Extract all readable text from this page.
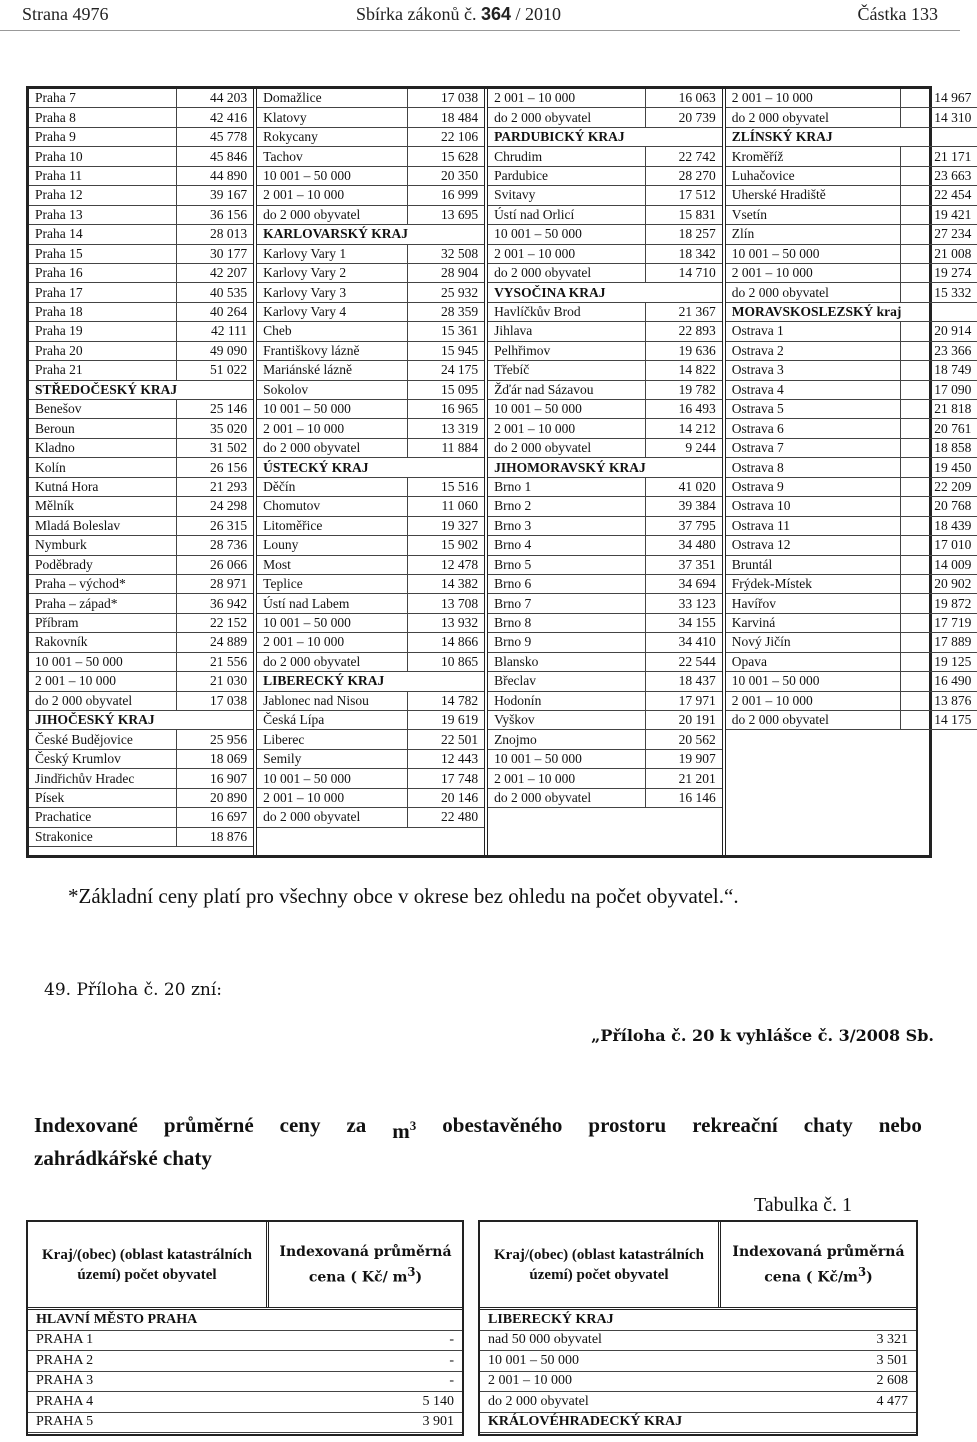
Strana 4976	Sbírka zákonů č. 364 / 2010	Částka 133
Praha 7	44 203
Praha 8	42 416
Praha 9	45 778
Praha 10	45 846
Praha 11	44 890
Praha 12	39 167
Praha 13	36 156
Praha 14	28 013
Praha 15	30 177
Praha 16	42 207
Praha 17	40 535
Praha 18	40 264
Praha 19	42 111
Praha 20	49 090
Praha 21	51 022
STŘEDOČESKÝ KRAJ
Benešov	25 146
Beroun	35 020
Kladno	31 502
Kolín	26 156
Kutná Hora	21 293
Mělník	24 298
Mladá Boleslav	26 315
Nymburk	28 736
Poděbrady	26 066
Praha – východ*	28 971
Praha – západ*	36 942
Příbram	22 152
Rakovník	24 889
10 001 – 50 000	21 556
2 001 – 10 000	21 030
do 2 000 obyvatel	17 038
JIHOČESKÝ KRAJ
České Budějovice	25 956
Český Krumlov	18 069
Jindřichův Hradec	16 907
Písek	20 890
Prachatice	16 697
Strakonice	18 876
Domažlice	17 038
Klatovy	18 484
Rokycany	22 106
Tachov	15 628
10 001 – 50 000	20 350
2 001 – 10 000	16 999
do 2 000 obyvatel	13 695
KARLOVARSKÝ KRAJ
Karlovy Vary 1	32 508
Karlovy Vary 2	28 904
Karlovy Vary 3	25 932
Karlovy Vary 4	28 359
Cheb	15 361
Františkovy lázně	15 945
Mariánské lázně	24 175
Sokolov	15 095
10 001 – 50 000	16 965
2 001 – 10 000	13 319
do 2 000 obyvatel	11 884
ÚSTECKÝ KRAJ
Děčín	15 516
Chomutov	11 060
Litoměřice	19 327
Louny	15 902
Most	12 478
Teplice	14 382
Ústí nad Labem	13 708
10 001 – 50 000	13 932
2 001 – 10 000	14 866
do 2 000 obyvatel	10 865
LIBERECKÝ KRAJ
Jablonec nad Nisou	14 782
Česká Lípa	19 619
Liberec	22 501
Semily	12 443
10 001 – 50 000	17 748
2 001 – 10 000	20 146
do 2 000 obyvatel	22 480
2 001 – 10 000	16 063
do 2 000 obyvatel	20 739
PARDUBICKÝ KRAJ
Chrudim	22 742
Pardubice	28 270
Svitavy	17 512
Ústí nad Orlicí	15 831
10 001 – 50 000	18 257
2 001 – 10 000	18 342
do 2 000 obyvatel	14 710
VYSOČINA KRAJ
Havlíčkův Brod	21 367
Jihlava	22 893
Pelhřimov	19 636
Třebíč	14 822
Žďár nad Sázavou	19 782
10 001 – 50 000	16 493
2 001 – 10 000	14 212
do 2 000 obyvatel	9 244
JIHOMORAVSKÝ KRAJ
Brno 1	41 020
Brno 2	39 384
Brno 3	37 795
Brno 4	34 480
Brno 5	37 351
Brno 6	34 694
Brno 7	33 123
Brno 8	34 155
Brno 9	34 410
Blansko	22 544
Břeclav	18 437
Hodonín	17 971
Vyškov	20 191
Znojmo	20 562
10 001 – 50 000	19 907
2 001 – 10 000	21 201
do 2 000 obyvatel	16 146
2 001 – 10 000	14 967
do 2 000 obyvatel	14 310
ZLÍNSKÝ KRAJ
Kroměříž	21 171
Luhačovice	23 663
Uherské Hradiště	22 454
Vsetín	19 421
Zlín	27 234
10 001 – 50 000	21 008
2 001 – 10 000	19 274
do 2 000 obyvatel	15 332
MORAVSKOSLEZSKÝ kraj
Ostrava 1	20 914
Ostrava 2	23 366
Ostrava 3	18 749
Ostrava 4	17 090
Ostrava 5	21 818
Ostrava 6	20 761
Ostrava 7	18 858
Ostrava 8	19 450
Ostrava 9	22 209
Ostrava 10	20 768
Ostrava 11	18 439
Ostrava 12	17 010
Bruntál	14 009
Frýdek-Místek	20 902
Havířov	19 872
Karviná	17 719
Nový Jičín	17 889
Opava	19 125
10 001 – 50 000	16 490
2 001 – 10 000	13 876
do 2 000 obyvatel	14 175
*Základní ceny platí pro všechny obce v okrese bez ohledu na počet obyvatel.“.
49. Příloha č. 20 zní:
„Příloha č. 20 k vyhlášce č. 3/2008 Sb.
Indexované průměrné ceny za $m^3$ obestavěného prostoru rekreační chaty nebo
zahrádkářské chaty
Tabulka č. 1
Kraj/(obec) (oblast katastrálních území) počet obyvatel
Indexovaná průměrná cena ( Kč/ $m^3$)
HLAVNÍ MĚSTO PRAHA
PRAHA 1	-
PRAHA 2	-
PRAHA 3	-
PRAHA 4	5 140
PRAHA 5	3 901
Kraj/(obec) (oblast katastrálních území) počet obyvatel
Indexovaná průměrná cena ( $Kč/m^3$)
LIBERECKÝ KRAJ
nad 50 000 obyvatel	3 321
10 001 – 50 000	3 501
2 001 – 10 000	2 608
do 2 000 obyvatel	4 477
KRÁLOVÉHRADECKÝ KRAJ
